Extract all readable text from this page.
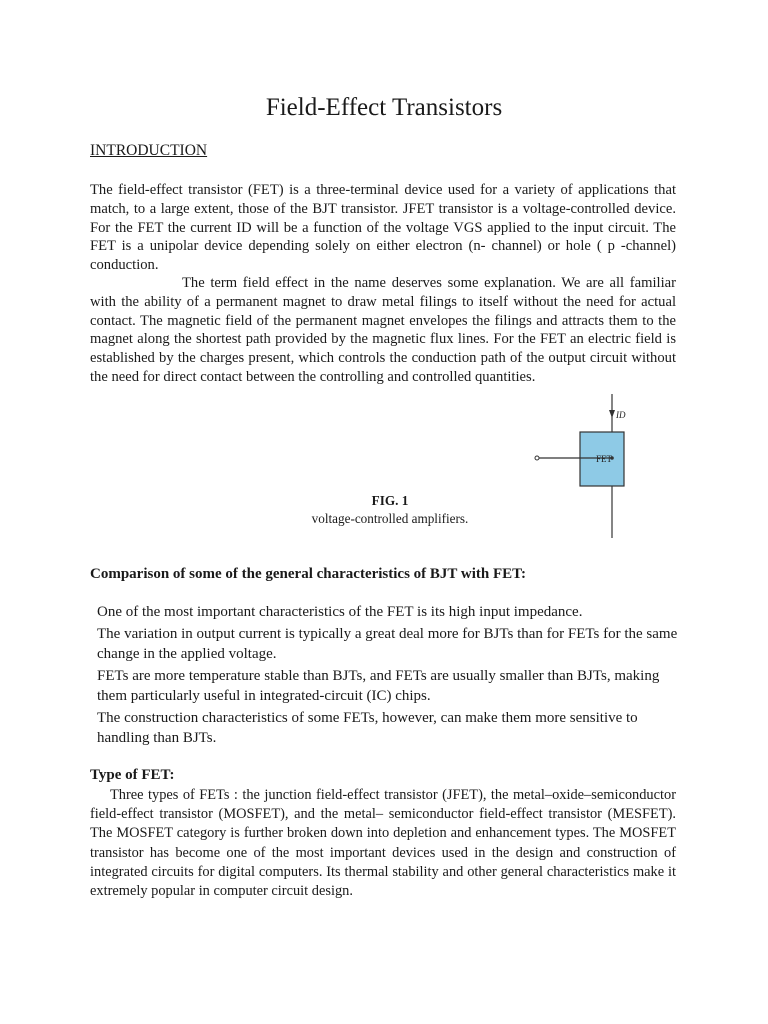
Field-Effect Transistors
INTRODUCTION
The field-effect transistor (FET) is a three-terminal device used for a variety of applications that match, to a large extent, those of the BJT transistor. JFET transistor is a voltage-controlled device. For the FET the current ID will be a function of the voltage VGS applied to the input circuit. The FET is a unipolar device depending solely on either electron (n- channel) or hole ( p -channel) conduction.
The term field effect in the name deserves some explanation. We are all familiar with the ability of a permanent magnet to draw metal filings to itself without the need for actual contact. The magnetic field of the permanent magnet envelopes the filings and attracts them to the magnet along the shortest path provided by the magnetic flux lines. For the FET an electric field is established by the charges present, which controls the conduction path of the output circuit without the need for direct contact between the controlling and controlled quantities.
ID
FET
FIG. 1
voltage-controlled amplifiers.
Comparison of some of the general characteristics of BJT with FET:
One of the most important characteristics of the FET is its high input impedance.
The variation in output current is typically a great deal more for BJTs than for FETs for the same change in the applied voltage.
FETs are more temperature stable than BJTs, and FETs are usually smaller than BJTs, making them particularly useful in integrated-circuit (IC) chips.
The construction characteristics of some FETs, however, can make them more sensitive to handling than BJTs.
Type of FET:
Three types of FETs : the junction field-effect transistor (JFET), the metal–oxide–semiconductor field-effect transistor (MOSFET), and the metal– semiconductor field-effect transistor (MESFET). The MOSFET category is further broken down into depletion and enhancement types. The MOSFET transistor has become one of the most important devices used in the design and construction of integrated circuits for digital computers. Its thermal stability and other general characteristics make it extremely popular in computer circuit design.
